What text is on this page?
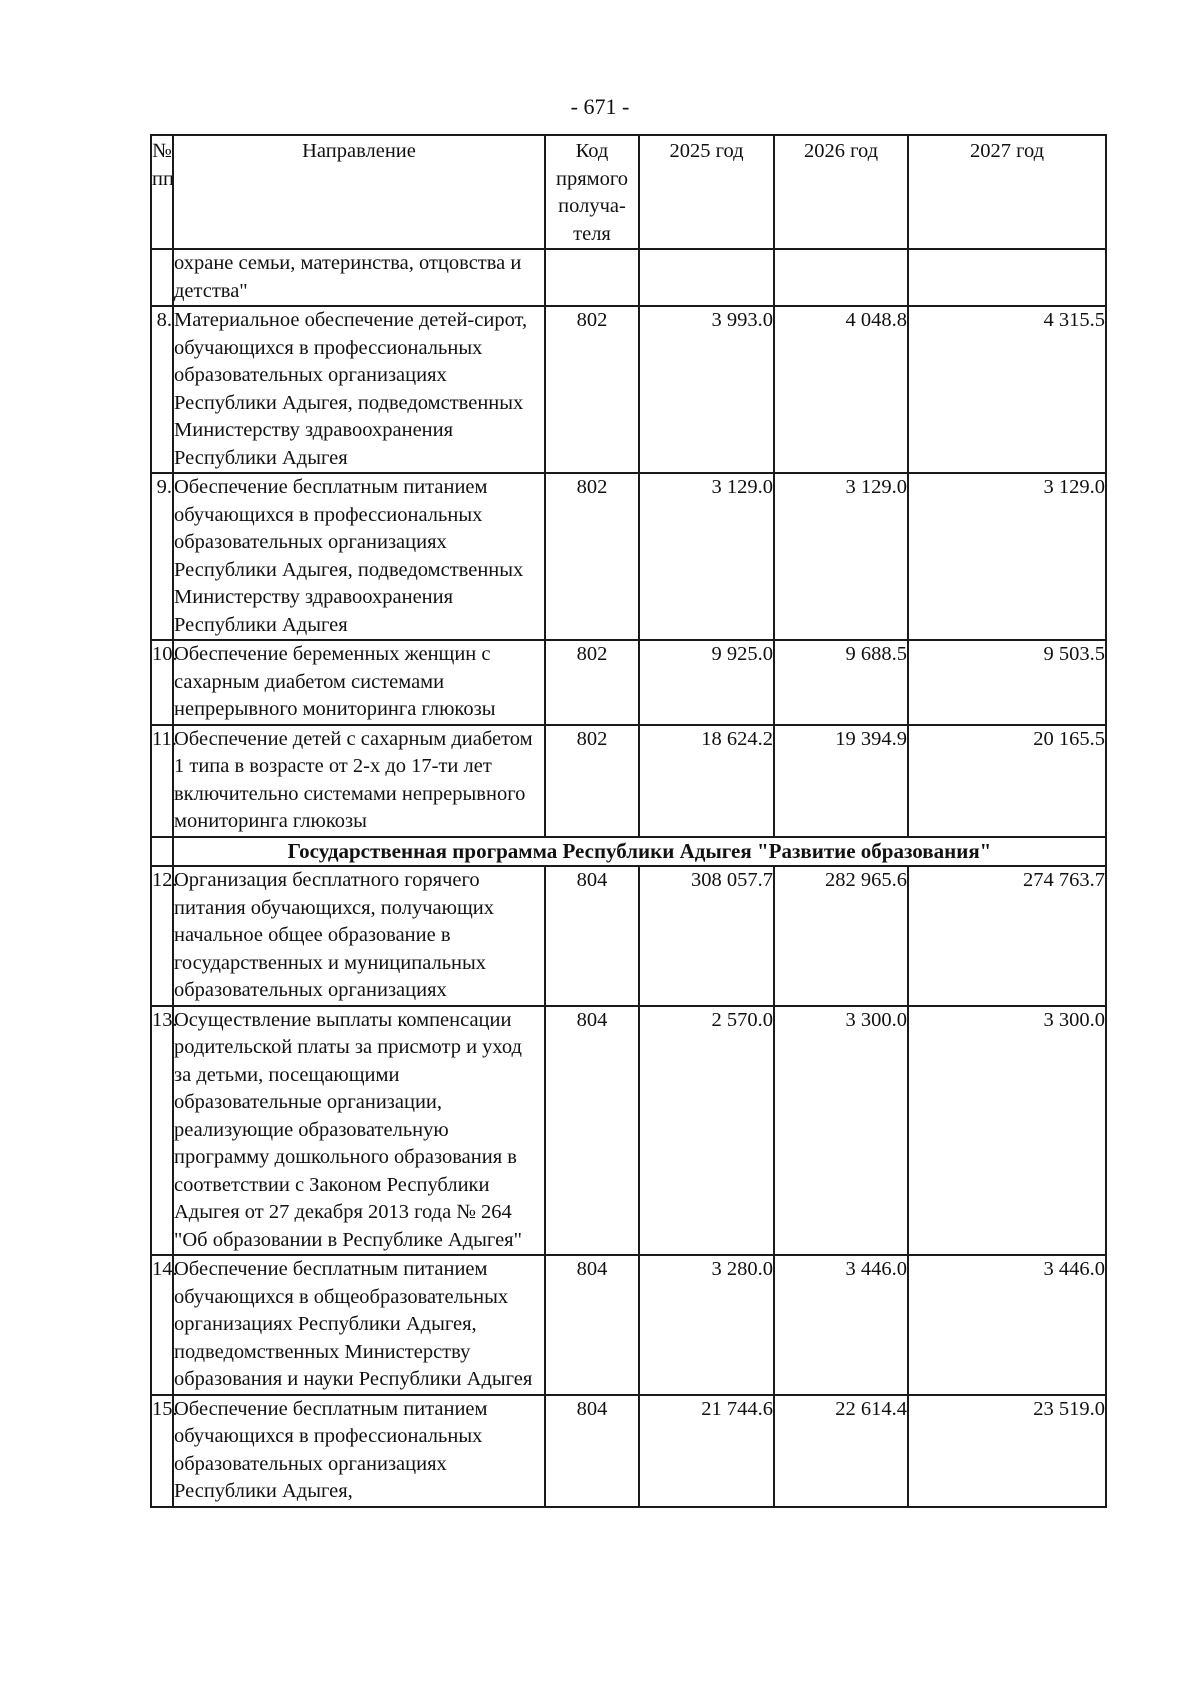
- 671 -
№ пп	Направление	Код прямого получа-теля	2025 год	2026 год	2027 год
	охране семьи, материнства, отцовства и детства"				
8.	Материальное обеспечение детей-сирот, обучающихся в профессиональных образовательных организациях Республики Адыгея, подведомственных Министерству здравоохранения Республики Адыгея	802	3 993.0	4 048.8	4 315.5
9.	Обеспечение бесплатным питанием обучающихся в профессиональных образовательных организациях Республики Адыгея, подведомственных Министерству здравоохранения Республики Адыгея	802	3 129.0	3 129.0	3 129.0
10.	Обеспечение беременных женщин с сахарным диабетом системами непрерывного мониторинга глюкозы	802	9 925.0	9 688.5	9 503.5
11.	Обеспечение детей с сахарным диабетом 1 типа в возрасте от 2-х до 17-ти лет включительно системами непрерывного мониторинга глюкозы	802	18 624.2	19 394.9	20 165.5
	Государственная программа Республики Адыгея "Развитие образования"				
12.	Организация бесплатного горячего питания обучающихся, получающих начальное общее образование в государственных и муниципальных образовательных организациях	804	308 057.7	282 965.6	274 763.7
13.	Осуществление выплаты компенсации родительской платы за присмотр и уход за детьми, посещающими образовательные организации, реализующие образовательную программу дошкольного образования в соответствии с Законом Республики Адыгея от 27 декабря 2013 года № 264 "Об образовании в Республике Адыгея"	804	2 570.0	3 300.0	3 300.0
14.	Обеспечение бесплатным питанием обучающихся в общеобразовательных организациях Республики Адыгея, подведомственных Министерству образования и науки Республики Адыгея	804	3 280.0	3 446.0	3 446.0
15.	Обеспечение бесплатным питанием обучающихся в профессиональных образовательных организациях Республики Адыгея,	804	21 744.6	22 614.4	23 519.0
